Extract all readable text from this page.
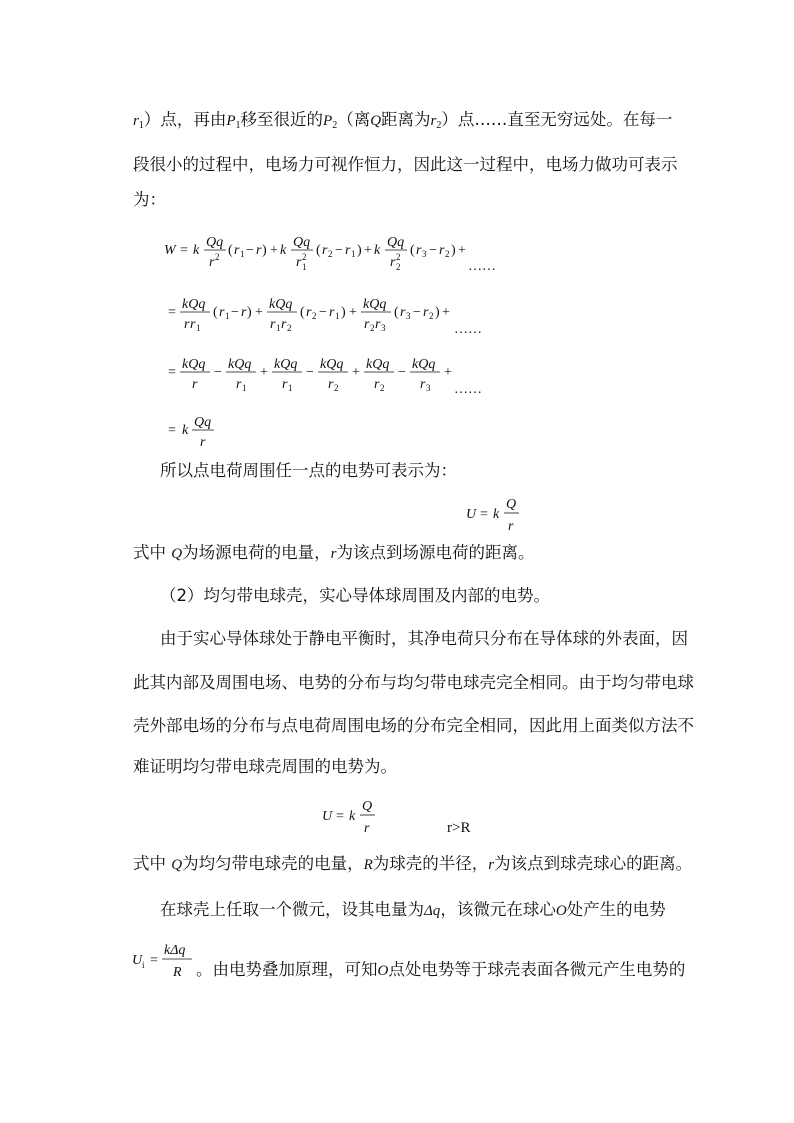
$r_1$）点，再由$P_1$移至很近的$P_2$（离Q距离为$r_2$）点……直至无穷远处。在每一
段很小的过程中，电场力可视作恒力，因此这一过程中，电场力做功可表示
为：
W = k
Qq
r 2 ( r 1 − r ) + k
Qq
r 2
1
( r 2 − r 1 ) + k
Qq
r 2
2
( r 3 − r 2 ) +
……
=
kQq
r r 1
( r 1 − r ) +
kQq
r 1 r 2
( r 2 − r 1 ) +
kQq
r 2 r 3
( r 3 − r 2 ) +
……
=
kQq
r
−
kQq
r 1
+
kQq
r 1
−
kQq
r 2
+
kQq
r 2
−
kQq
r 3
+
……
= k
Qq
r
所以点电荷周围任一点的电势可表示为：
U = k
Q
r
式中 Q为场源电荷的电量，r为该点到场源电荷的距离。
（2）均匀带电球壳，实心导体球周围及内部的电势。
由于实心导体球处于静电平衡时，其净电荷只分布在导体球的外表面，因
此其内部及周围电场、电势的分布与均匀带电球壳完全相同。由于均匀带电球
壳外部电场的分布与点电荷周围电场的分布完全相同，因此用上面类似方法不
难证明均匀带电球壳周围的电势为。
U = k
Q
r	r>R
式中 Q为均匀带电球壳的电量，R为球壳的半径，r为该点到球壳球心的距离。
在球壳上任取一个微元，设其电量为Δq，该微元在球心O处产生的电势
U i =
kΔq
R 。由电势叠加原理，可知O点处电势等于球壳表面各微元产生电势的
